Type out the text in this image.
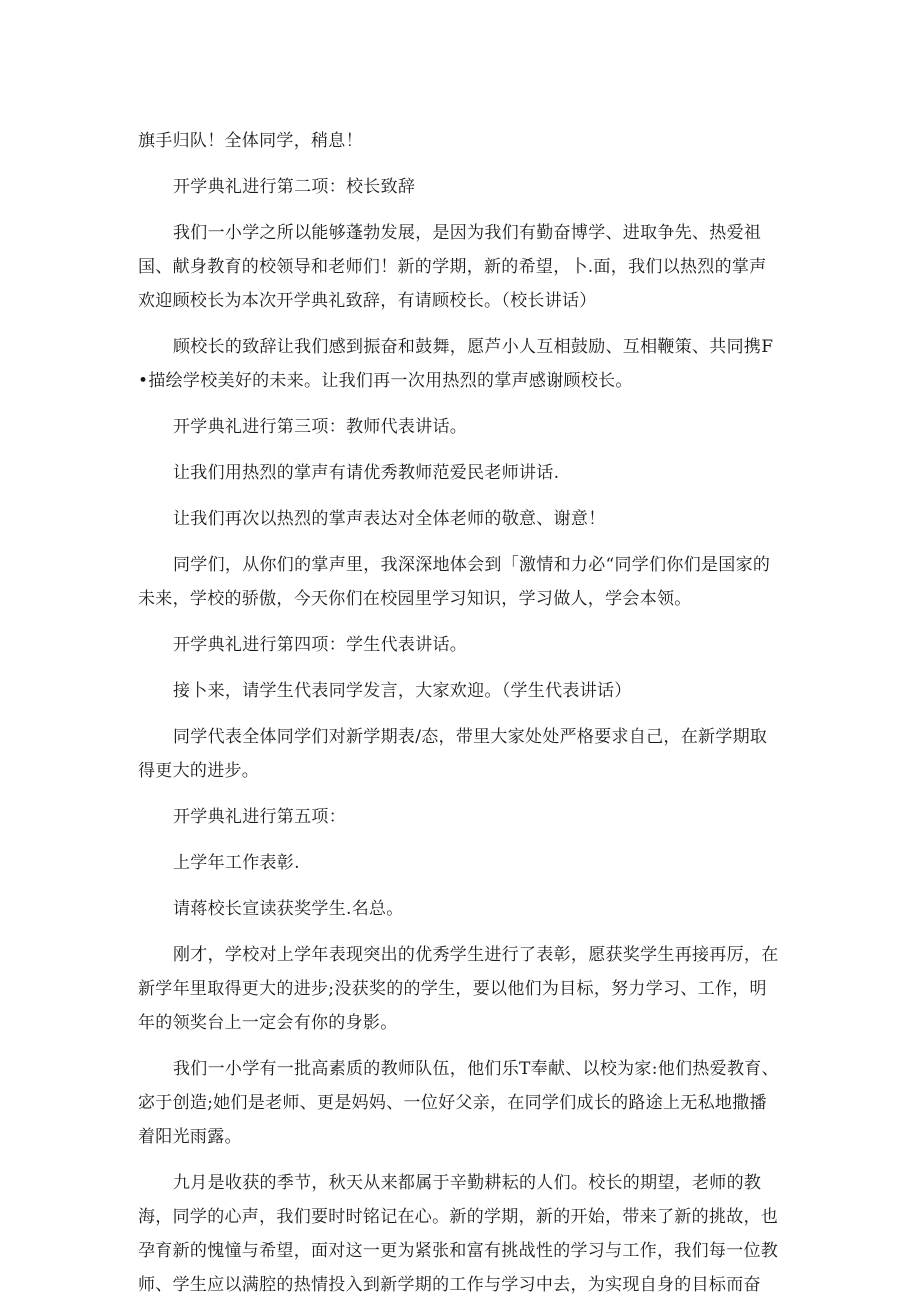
旗手归队！全体同学，稍息！

开学典礼进行第二项：校长致辞

我们一小学之所以能够蓬勃发展，是因为我们有勤奋博学、进取争先、热爱祖国、献身教育的校领导和老师们！新的学期，新的希望，卜.面，我们以热烈的掌声欢迎顾校长为本次开学典礼致辞，有请顾校长。（校长讲话）

顾校长的致辞让我们感到振奋和鼓舞，愿芦小人互相鼓励、互相鞭策、共同携F•描绘学校美好的未来。让我们再一次用热烈的掌声感谢顾校长。

开学典礼进行第三项：教师代表讲话。

让我们用热烈的掌声有请优秀教师范爱民老师讲话.

让我们再次以热烈的掌声表达对全体老师的敬意、谢意！

同学们，从你们的掌声里，我深深地体会到「激情和力必“同学们你们是国家的未来，学校的骄傲，今天你们在校园里学习知识，学习做人，学会本领。

开学典礼进行第四项：学生代表讲话。

接卜来，请学生代表同学发言，大家欢迎。（学生代表讲话）

同学代表全体同学们对新学期表/态，带里大家处处严格要求自己，在新学期取得更大的进步。

开学典礼进行第五项：

上学年工作表彰.

请蒋校长宣读获奖学生.名总。

刚才，学校对上学年表现突出的优秀学生进行了表彰，愿获奖学生再接再厉，在新学年里取得更大的进步;没获奖的的学生，要以他们为目标，努力学习、工作，明年的领奖台上一定会有你的身影。

我们一小学有一批高素质的教师队伍，他们乐T奉献、以校为家:他们热爱教育、宓于创造;她们是老师、更是妈妈、一位好父亲，在同学们成长的路途上无私地撒播着阳光雨露。

九月是收获的季节，秋天从来都属于辛勤耕耘的人们。校长的期望，老师的教海，同学的心声，我们要时时铭记在心。新的学期，新的开始，带来了新的挑故，也孕育新的愧憧与希望，面对这一更为紧张和富有挑战性的学习与工作，我们每一位教师、学生应以满腔的热情投入到新学期的工作与学习中去，为实现自身的目标而奋
